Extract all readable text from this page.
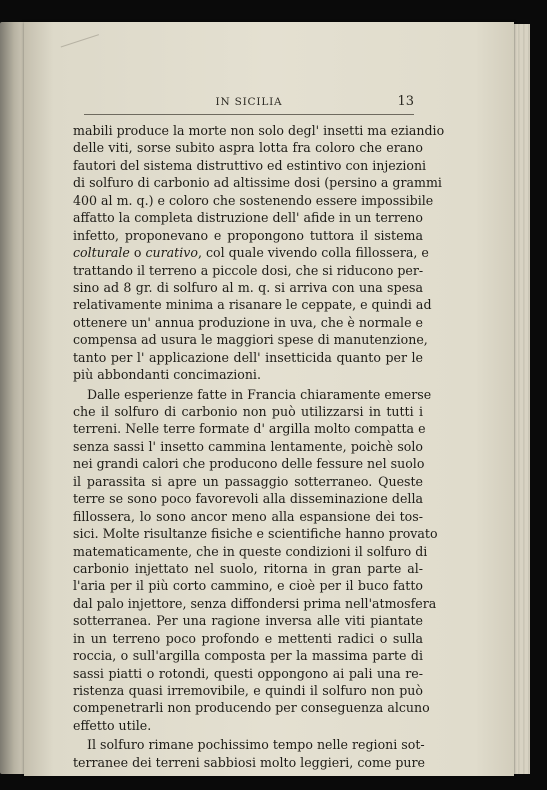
IN SICILIA	13
mabili produce la morte non solo degl' insetti ma eziandio
delle viti, sorse subito aspra lotta fra coloro che erano
fautori del sistema distruttivo ed estintivo con injezioni
di solfuro di carbonio ad altissime dosi (persino a grammi
400 al m. q.) e coloro che sostenendo essere impossibile
affatto la completa distruzione dell' afide in un terreno
infetto, proponevano e propongono tuttora il sistema
colturale o curativo, col quale vivendo colla fillossera, e
trattando il terreno a piccole dosi, che si riducono per-
sino ad 8 gr. di solfuro al m. q. si arriva con una spesa
relativamente minima a risanare le ceppate, e quindi ad
ottenere un' annua produzione in uva, che è normale e
compensa ad usura le maggiori spese di manutenzione,
tanto per l' applicazione dell' insetticida quanto per le
più abbondanti concimazioni.
Dalle esperienze fatte in Francia chiaramente emerse
che il solfuro di carbonio non può utilizzarsi in tutti i
terreni. Nelle terre formate d' argilla molto compatta e
senza sassi l' insetto cammina lentamente, poichè solo
nei grandi calori che producono delle fessure nel suolo
il parassita si apre un passaggio sotterraneo. Queste
terre se sono poco favorevoli alla disseminazione della
fillossera, lo sono ancor meno alla espansione dei tos-
sici. Molte risultanze fisiche e scientifiche hanno provato
matematicamente, che in queste condizioni il solfuro di
carbonio injettato nel suolo, ritorna in gran parte al-
l'aria per il più corto cammino, e cioè per il buco fatto
dal palo injettore, senza diffondersi prima nell'atmosfera
sotterranea. Per una ragione inversa alle viti piantate
in un terreno poco profondo e mettenti radici o sulla
roccia, o sull'argilla composta per la massima parte di
sassi piatti o rotondi, questi oppongono ai pali una re-
ristenza quasi irremovibile, e quindi il solfuro non può
compenetrarli non producendo per conseguenza alcuno
effetto utile.
Il solfuro rimane pochissimo tempo nelle regioni sot-
terranee dei terreni sabbiosi molto leggieri, come pure
